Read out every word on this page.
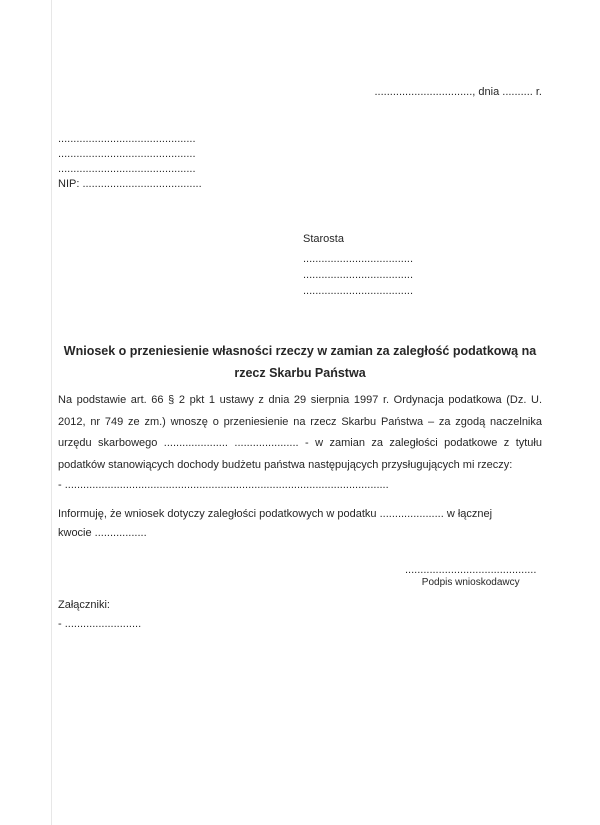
................................, dnia .......... r.
.............................................
.............................................
.............................................
NIP: .......................................
Starosta
....................................
....................................
....................................
Wniosek o przeniesienie własności rzeczy w zamian za zaległość podatkową na rzecz Skarbu Państwa
Na podstawie art. 66 § 2 pkt 1 ustawy z dnia 29 sierpnia 1997 r. Ordynacja podatkowa (Dz. U. 2012, nr 749 ze zm.) wnoszę o przeniesienie na rzecz Skarbu Państwa – za zgodą naczelnika urzędu skarbowego ..................... ..................... - w zamian za zaległości podatkowe z tytułu podatków stanowiących dochody budżetu państwa następujących przysługujących mi rzeczy:
- ..........................................................................................................
Informuję, że wniosek dotyczy zaległości podatkowych w podatku ..................... w łącznej
kwocie .................
...........................................
Podpis wnioskodawcy
Załączniki:
- .........................
